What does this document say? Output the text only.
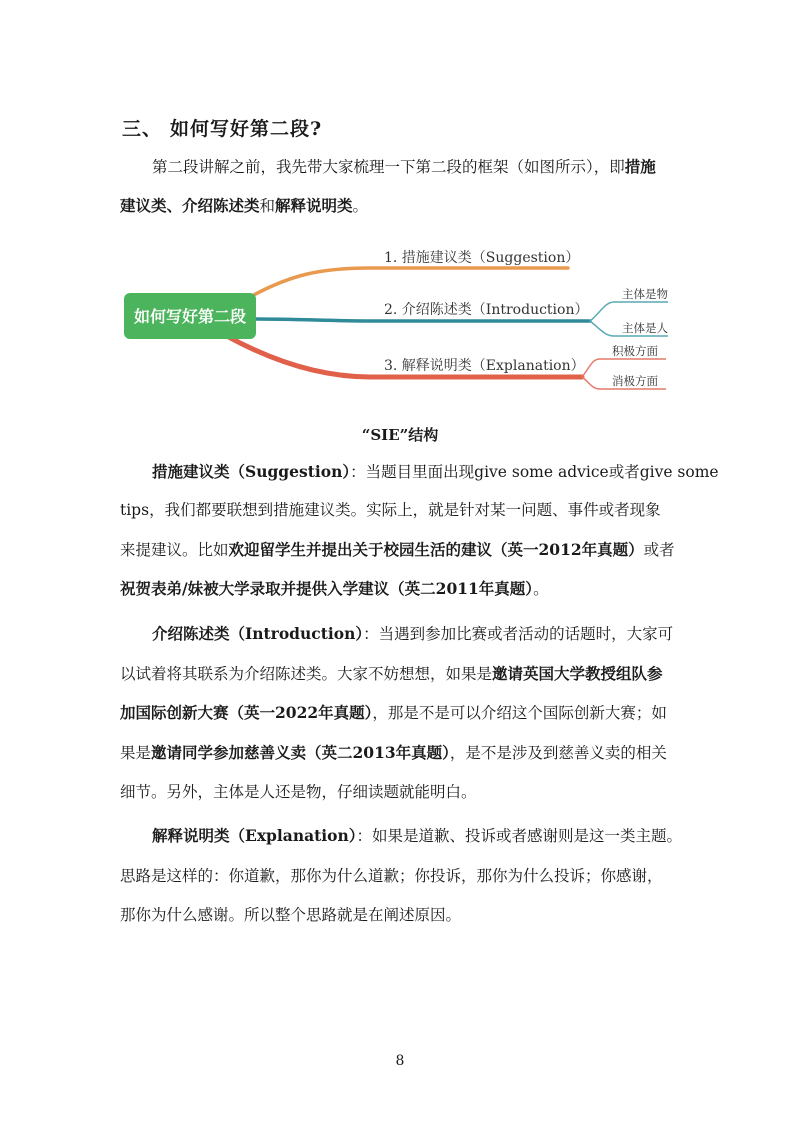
三、 如何写好第二段?
第二段讲解之前，我先带大家梳理一下第二段的框架（如图所示），即措施
建议类、介绍陈述类和解释说明类。
如何写好第二段
1. 措施建议类（Suggestion）
2. 介绍陈述类（Introduction）
3. 解释说明类（Explanation）
主体是物
主体是人
积极方面
消极方面
“SIE”结构
措施建议类（Suggestion）：当题目里面出现give some advice或者give some
tips，我们都要联想到措施建议类。实际上，就是针对某一问题、事件或者现象
来提建议。比如欢迎留学生并提出关于校园生活的建议（英一2012年真题）或者
祝贺表弟/妹被大学录取并提供入学建议（英二2011年真题）。
介绍陈述类（Introduction）：当遇到参加比赛或者活动的话题时，大家可
以试着将其联系为介绍陈述类。大家不妨想想，如果是邀请英国大学教授组队参
加国际创新大赛（英一2022年真题），那是不是可以介绍这个国际创新大赛；如
果是邀请同学参加慈善义卖（英二2013年真题），是不是涉及到慈善义卖的相关
细节。另外，主体是人还是物，仔细读题就能明白。
解释说明类（Explanation）：如果是道歉、投诉或者感谢则是这一类主题。
思路是这样的：你道歉，那你为什么道歉；你投诉，那你为什么投诉；你感谢，
那你为什么感谢。所以整个思路就是在阐述原因。
8
